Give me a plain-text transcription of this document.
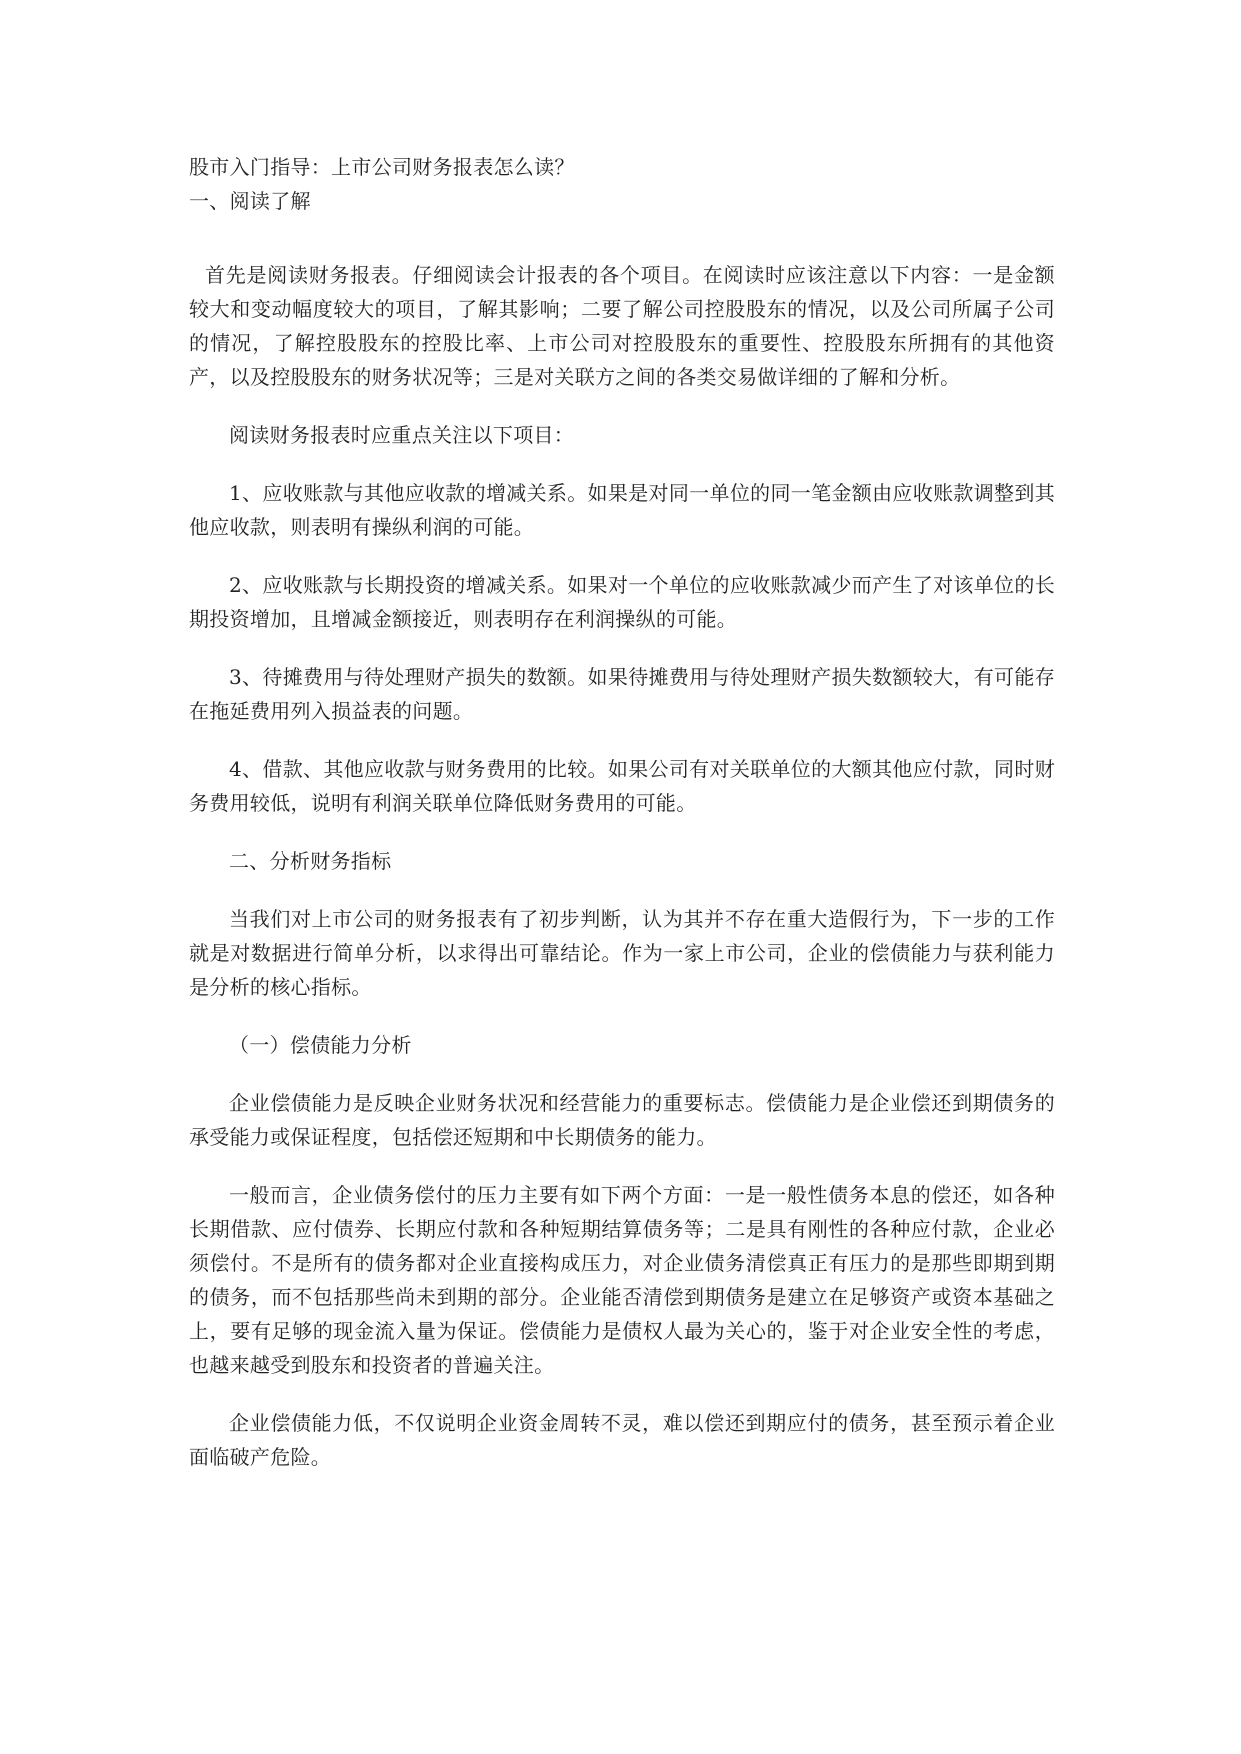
股市入门指导：上市公司财务报表怎么读？

一、阅读了解

首先是阅读财务报表。仔细阅读会计报表的各个项目。在阅读时应该注意以下内容：一是金额较大和变动幅度较大的项目，了解其影响；二要了解公司控股股东的情况，以及公司所属子公司的情况，了解控股股东的控股比率、上市公司对控股股东的重要性、控股股东所拥有的其他资产，以及控股股东的财务状况等；三是对关联方之间的各类交易做详细的了解和分析。

阅读财务报表时应重点关注以下项目：

1、应收账款与其他应收款的增减关系。如果是对同一单位的同一笔金额由应收账款调整到其他应收款，则表明有操纵利润的可能。

2、应收账款与长期投资的增减关系。如果对一个单位的应收账款减少而产生了对该单位的长期投资增加，且增减金额接近，则表明存在利润操纵的可能。

3、待摊费用与待处理财产损失的数额。如果待摊费用与待处理财产损失数额较大，有可能存在拖延费用列入损益表的问题。

4、借款、其他应收款与财务费用的比较。如果公司有对关联单位的大额其他应付款，同时财务费用较低，说明有利润关联单位降低财务费用的可能。

二、分析财务指标

当我们对上市公司的财务报表有了初步判断，认为其并不存在重大造假行为，下一步的工作就是对数据进行简单分析，以求得出可靠结论。作为一家上市公司，企业的偿债能力与获利能力是分析的核心指标。

（一）偿债能力分析

企业偿债能力是反映企业财务状况和经营能力的重要标志。偿债能力是企业偿还到期债务的承受能力或保证程度，包括偿还短期和中长期债务的能力。

一般而言，企业债务偿付的压力主要有如下两个方面：一是一般性债务本息的偿还，如各种长期借款、应付债券、长期应付款和各种短期结算债务等；二是具有刚性的各种应付款，企业必须偿付。不是所有的债务都对企业直接构成压力，对企业债务清偿真正有压力的是那些即期到期的债务，而不包括那些尚未到期的部分。企业能否清偿到期债务是建立在足够资产或资本基础之上，要有足够的现金流入量为保证。偿债能力是债权人最为关心的，鉴于对企业安全性的考虑，也越来越受到股东和投资者的普遍关注。

企业偿债能力低，不仅说明企业资金周转不灵，难以偿还到期应付的债务，甚至预示着企业面临破产危险。
